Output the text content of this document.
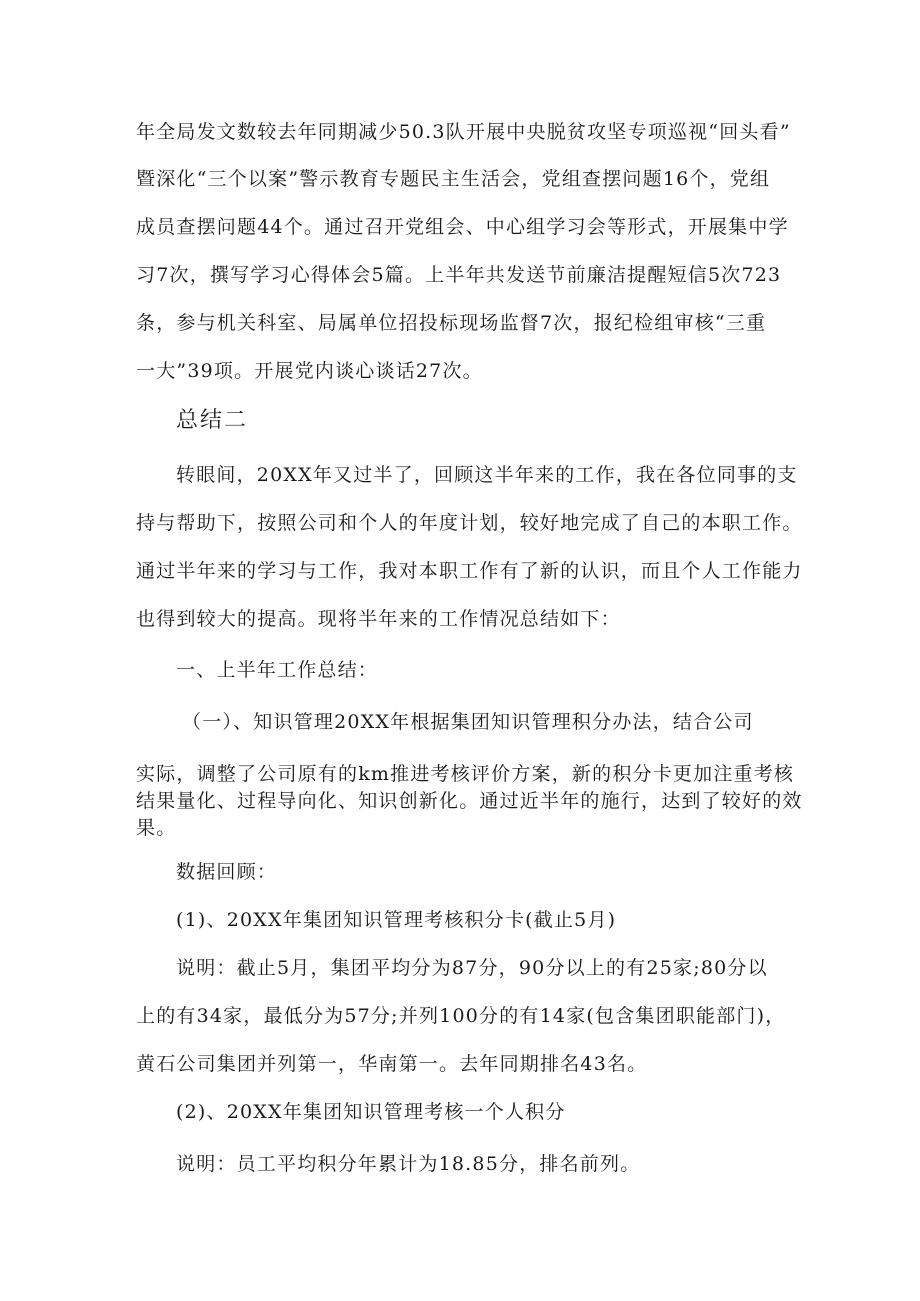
年全局发文数较去年同期减少50.3队开展中央脱贫攻坚专项巡视“回头看”
暨深化“三个以案”警示教育专题民主生活会，党组查摆问题16个，党组
成员查摆问题44个。通过召开党组会、中心组学习会等形式，开展集中学
习7次，撰写学习心得体会5篇。上半年共发送节前廉洁提醒短信5次723
条，参与机关科室、局属单位招投标现场监督7次，报纪检组审核“三重
一大”39项。开展党内谈心谈话27次。
总结二
转眼间，20XX年又过半了，回顾这半年来的工作，我在各位同事的支
持与帮助下，按照公司和个人的年度计划，较好地完成了自己的本职工作。
通过半年来的学习与工作，我对本职工作有了新的认识，而且个人工作能力
也得到较大的提高。现将半年来的工作情况总结如下：
一、上半年工作总结：
（一）、知识管理20XX年根据集团知识管理积分办法，结合公司
实际，调整了公司原有的km推进考核评价方案，新的积分卡更加注重考核
结果量化、过程导向化、知识创新化。通过近半年的施行，达到了较好的效
果。
数据回顾：
(1)、20XX年集团知识管理考核积分卡(截止5月)
说明：截止5月，集团平均分为87分，90分以上的有25家;80分以
上的有34家，最低分为57分;并列100分的有14家(包含集团职能部门)，
黄石公司集团并列第一，华南第一。去年同期排名43名。
(2)、20XX年集团知识管理考核一个人积分
说明：员工平均积分年累计为18.85分，排名前列。
